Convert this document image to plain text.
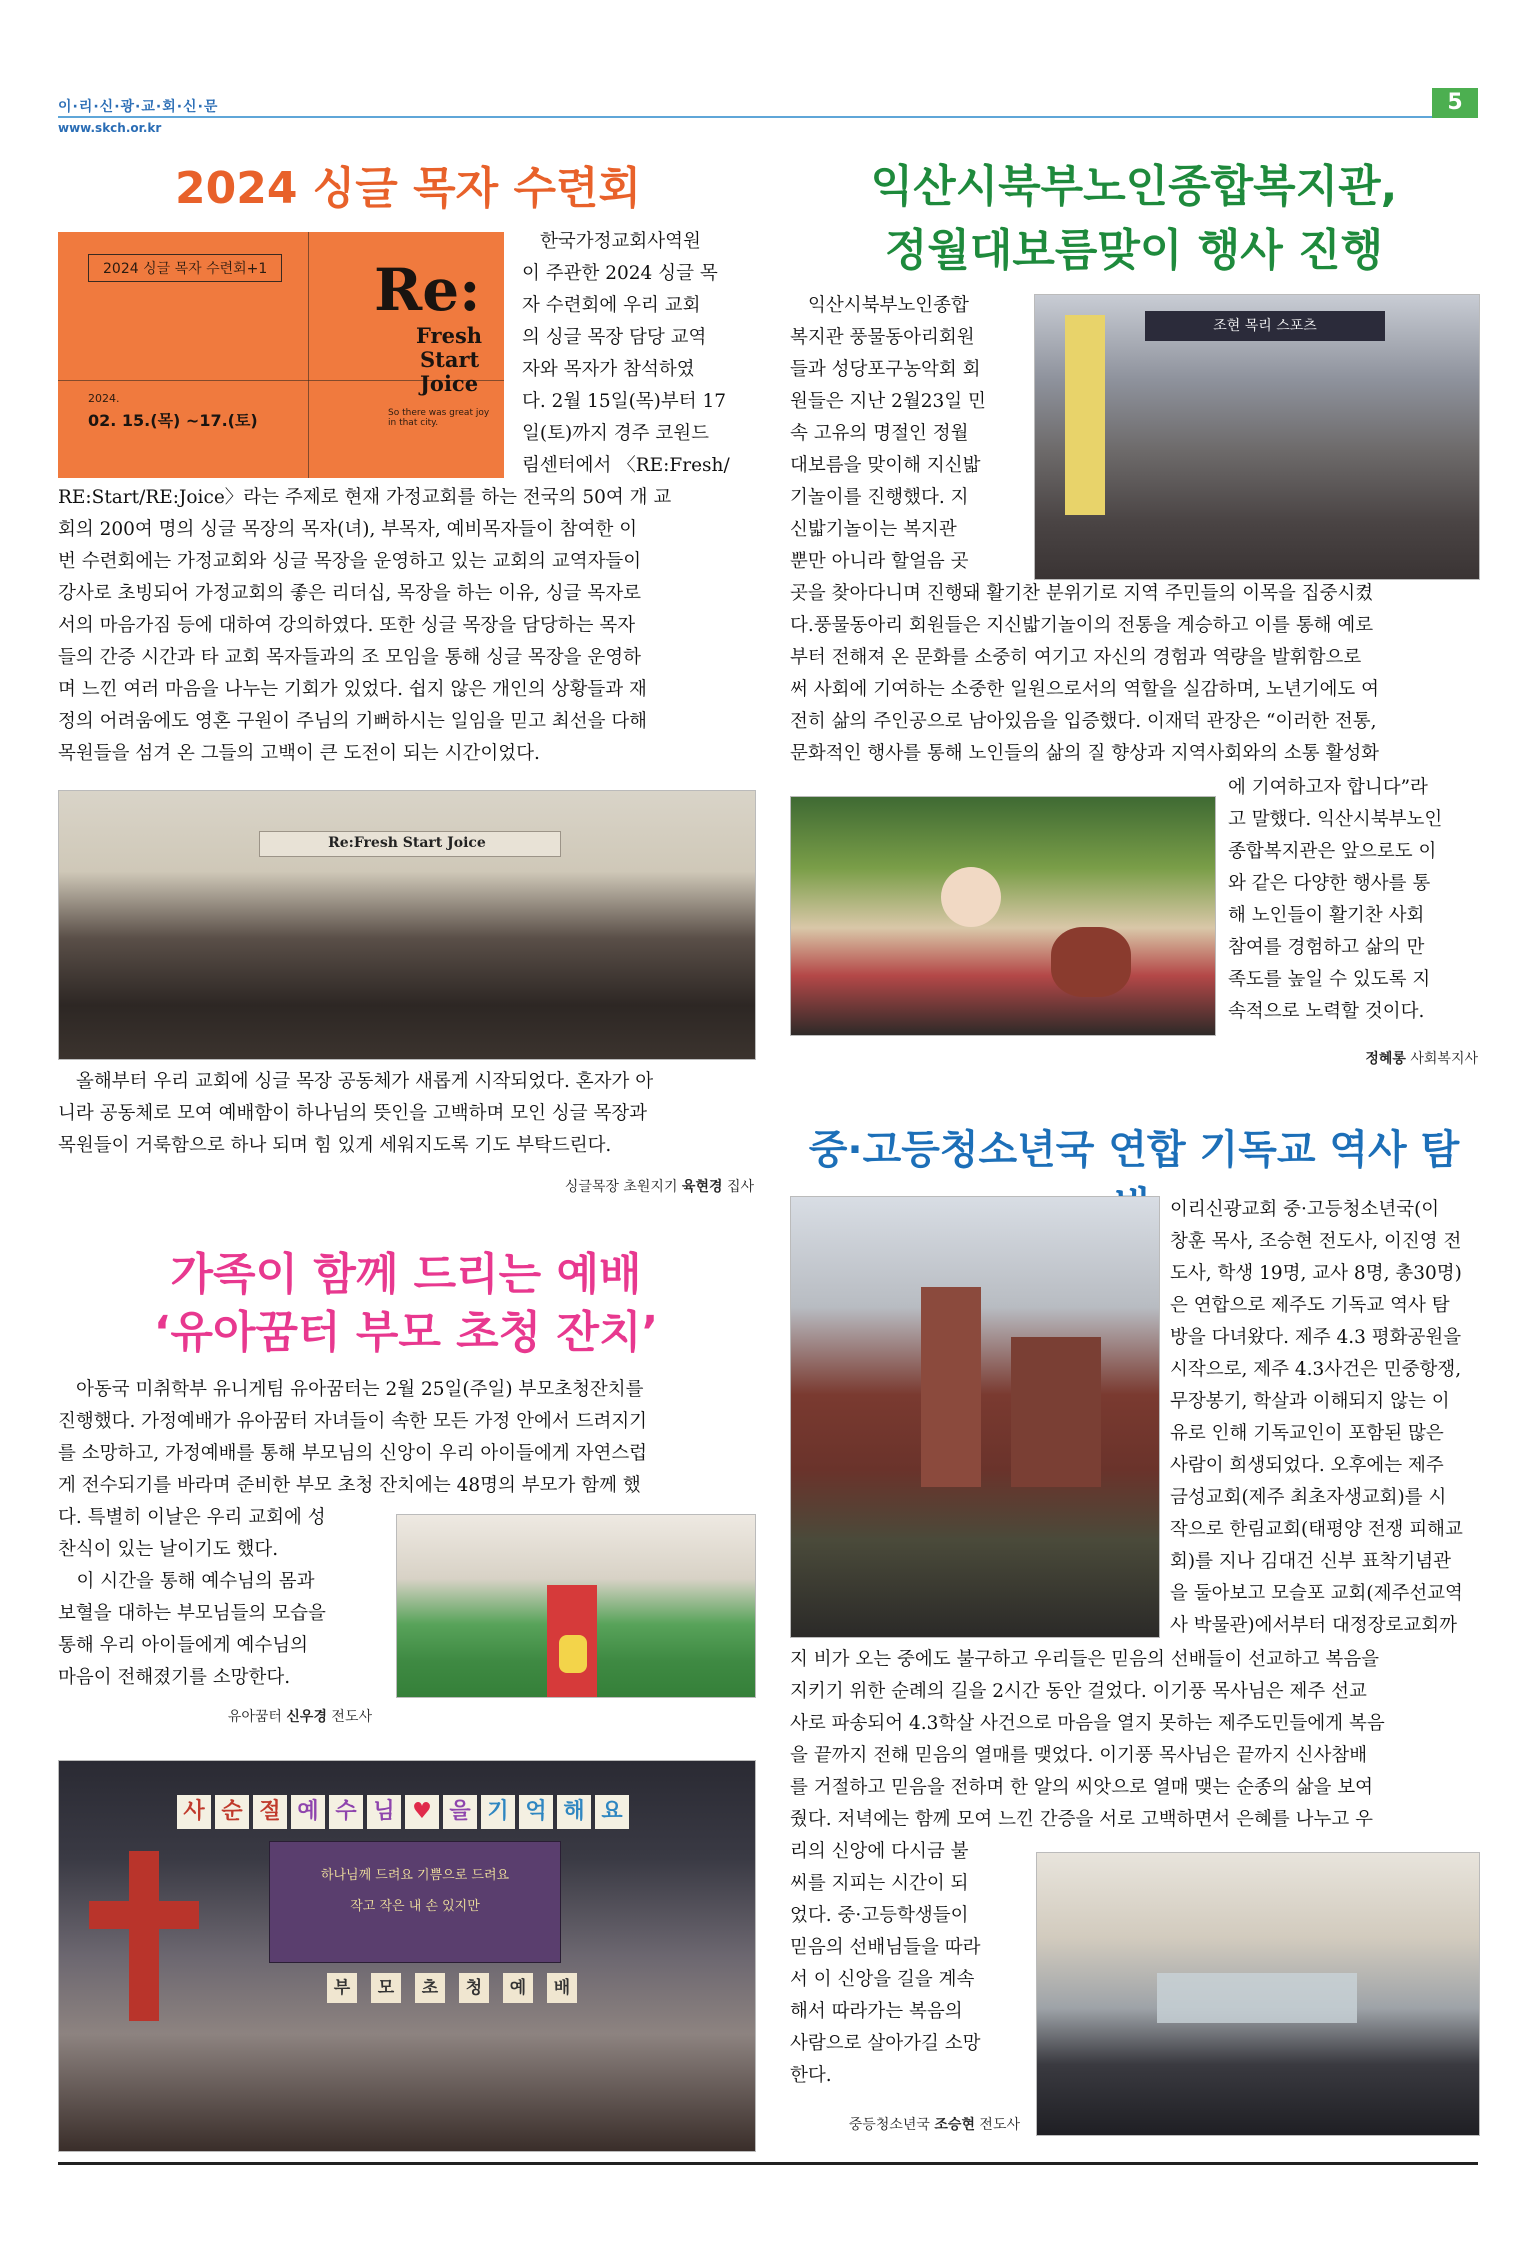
이·리·신·광·교·회·신·문
www.skch.or.kr
5
2024 싱글 목자 수련회
2024 싱글 목자 수련회+1 Re:
Fresh
Start
Joice
So there was great joy in that city.
2024.
02. 15.(목) ~17.(토)
한국가정교회사역원
이 주관한 2024 싱글 목
자 수련회에 우리 교회
의 싱글 목장 담당 교역
자와 목자가 참석하였
다. 2월 15일(목)부터 17
일(토)까지 경주 코원드
림센터에서 〈RE:Fresh/
RE:Start/RE:Joice〉라는 주제로 현재 가정교회를 하는 전국의 50여 개 교
회의 200여 명의 싱글 목장의 목자(녀), 부목자, 예비목자들이 참여한 이
번 수련회에는 가정교회와 싱글 목장을 운영하고 있는 교회의 교역자들이
강사로 초빙되어 가정교회의 좋은 리더십, 목장을 하는 이유, 싱글 목자로
서의 마음가짐 등에 대하여 강의하였다. 또한 싱글 목장을 담당하는 목자
들의 간증 시간과 타 교회 목자들과의 조 모임을 통해 싱글 목장을 운영하
며 느낀 여러 마음을 나누는 기회가 있었다. 쉽지 않은 개인의 상황들과 재
정의 어려움에도 영혼 구원이 주님의 기뻐하시는 일임을 믿고 최선을 다해
목원들을 섬겨 온 그들의 고백이 큰 도전이 되는 시간이었다.
Re:Fresh Start Joice
올해부터 우리 교회에 싱글 목장 공동체가 새롭게 시작되었다. 혼자가 아
니라 공동체로 모여 예배함이 하나님의 뜻인을 고백하며 모인 싱글 목장과
목원들이 거룩함으로 하나 되며 힘 있게 세워지도록 기도 부탁드린다.
싱글목장 초원지기 육현경 집사
가족이 함께 드리는 예배
‘유아꿈터 부모 초청 잔치’
아동국 미취학부 유니게팀 유아꿈터는 2월 25일(주일) 부모초청잔치를
진행했다. 가정예배가 유아꿈터 자녀들이 속한 모든 가정 안에서 드려지기
를 소망하고, 가정예배를 통해 부모님의 신앙이 우리 아이들에게 자연스럽
게 전수되기를 바라며 준비한 부모 초청 잔치에는 48명의 부모가 함께 했
다. 특별히 이날은 우리 교회에 성
찬식이 있는 날이기도 했다.
　이 시간을 통해 예수님의 몸과
보혈을 대하는 부모님들의 모습을
통해 우리 아이들에게 예수님의
마음이 전해졌기를 소망한다.
유아꿈터 신우경 전도사
사 순 절 예 수 님 ♥ 을 기 억 해 요
하나님께 드려요 기쁨으로 드려요
작고 작은 내 손 있지만
부	모	초	청	예	배
익산시북부노인종합복지관,
정월대보름맞이 행사 진행
익산시북부노인종합
복지관 풍물동아리회원
들과 성당포구농악회 회
원들은 지난 2월23일 민
속 고유의 명절인 정월
대보름을 맞이해 지신밟
기놀이를 진행했다. 지
신밟기놀이는 복지관
뿐만 아니라 할얼음 곳
조현 목리 스포츠
곳을 찾아다니며 진행돼 활기찬 분위기로 지역 주민들의 이목을 집중시켰
다.풍물동아리 회원들은 지신밟기놀이의 전통을 계승하고 이를 통해 예로
부터 전해져 온 문화를 소중히 여기고 자신의 경험과 역량을 발휘함으로
써 사회에 기여하는 소중한 일원으로서의 역할을 실감하며, 노년기에도 여
전히 삶의 주인공으로 남아있음을 입증했다. 이재덕 관장은 “이러한 전통,
문화적인 행사를 통해 노인들의 삶의 질 향상과 지역사회와의 소통 활성화
에 기여하고자 합니다”라
고 말했다. 익산시북부노인
종합복지관은 앞으로도 이
와 같은 다양한 행사를 통
해 노인들이 활기찬 사회
참여를 경험하고 삶의 만
족도를 높일 수 있도록 지
속적으로 노력할 것이다.
정혜롱 사회복지사
중·고등청소년국 연합 기독교 역사 탐
이리신광교회 중·고등청소년국(이
창훈 목사, 조승현 전도사, 이진영 전
도사, 학생 19명, 교사 8명, 총30명)
은 연합으로 제주도 기독교 역사 탐
방을 다녀왔다. 제주 4.3 평화공원을
시작으로, 제주 4.3사건은 민중항쟁,
무장봉기, 학살과 이해되지 않는 이
유로 인해 기독교인이 포함된 많은
사람이 희생되었다. 오후에는 제주
금성교회(제주 최초자생교회)를 시
작으로 한림교회(태평양 전쟁 피해교
회)를 지나 김대건 신부 표착기념관
을 둘아보고 모슬포 교회(제주선교역
사 박물관)에서부터 대정장로교회까
지 비가 오는 중에도 불구하고 우리들은 믿음의 선배들이 선교하고 복음을
지키기 위한 순례의 길을 2시간 동안 걸었다. 이기풍 목사님은 제주 선교
사로 파송되어 4.3학살 사건으로 마음을 열지 못하는 제주도민들에게 복음
을 끝까지 전해 믿음의 열매를 맺었다. 이기풍 목사님은 끝까지 신사참배
를 거절하고 믿음을 전하며 한 알의 씨앗으로 열매 맺는 순종의 삶을 보여
줬다. 저녁에는 함께 모여 느낀 간증을 서로 고백하면서 은혜를 나누고 우
리의 신앙에 다시금 불
씨를 지피는 시간이 되
었다. 중·고등학생들이
믿음의 선배님들을 따라
서 이 신앙을 길을 계속
해서 따라가는 복음의
사람으로 살아가길 소망
한다.
중등청소년국 조승현 전도사
